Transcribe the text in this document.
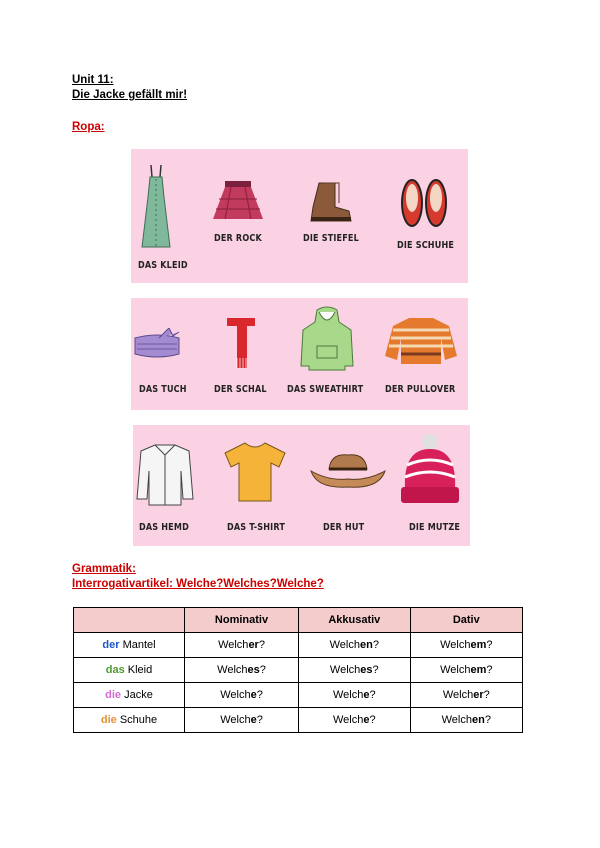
Unit 11:
Die Jacke gefällt mir!
Ropa:
DAS KLEID
DER ROCK	DIE STIEFEL
DIE SCHUHE
DAS TUCH	DER SCHAL DAS SWEATHIRT DER PULLOVER
DAS HEMD	DAS T-SHIRT	DER HUT	DIE MÜTZE
Grammatik:
Interrogativartikel: Welche?Welches?Welche?
	Nominativ	Akkusativ	Dativ
der Mantel	Welcher?	Welchen?	Welchem?
das Kleid	Welches?	Welches?	Welchem?
die Jacke	Welche?	Welche?	Welcher?
die Schuhe	Welche?	Welche?	Welchen?
